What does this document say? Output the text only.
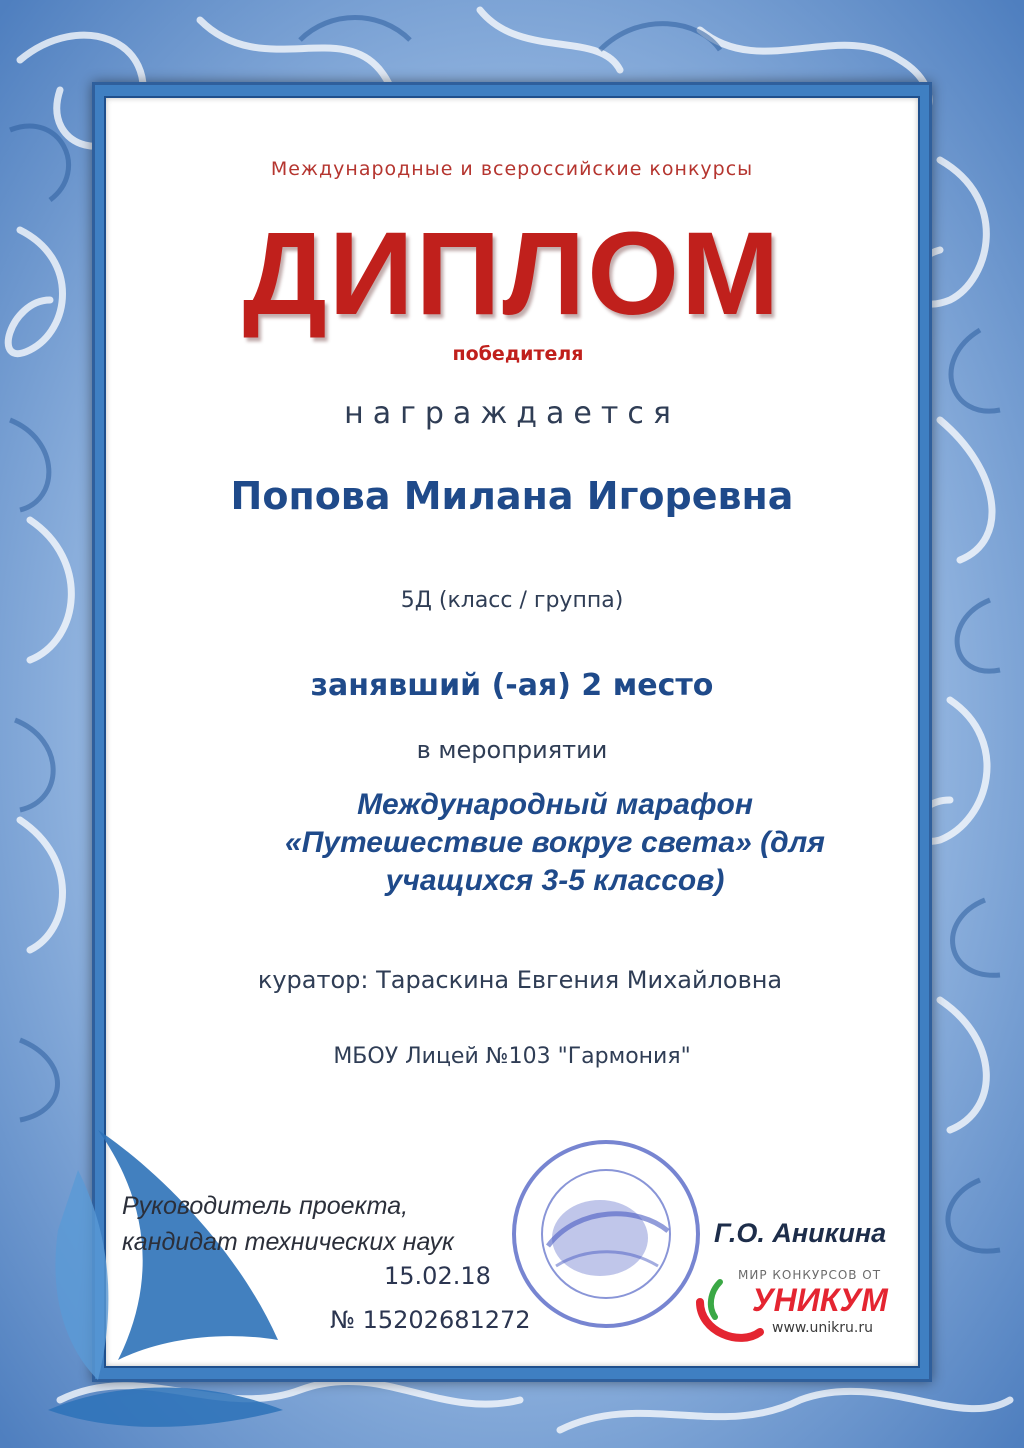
Международные и всероссийские конкурсы

ДИПЛОМ

победителя

награждается

Попова Милана Игоревна

5Д (класс / группа)

занявший (-ая) 2 место

в мероприятии

Международный марафон
«Путешествие вокруг света» (для
учащихся 3-5 классов)

куратор: Тараскина Евгения Михайловна

МБОУ Лицей №103 "Гармония"

Руководитель проекта,
кандидат технических наук
15.02.18
№ 15202681272
Г.О. Аникина
МИР КОНКУРСОВ ОТ
УНИКУМ
www.unikru.ru
